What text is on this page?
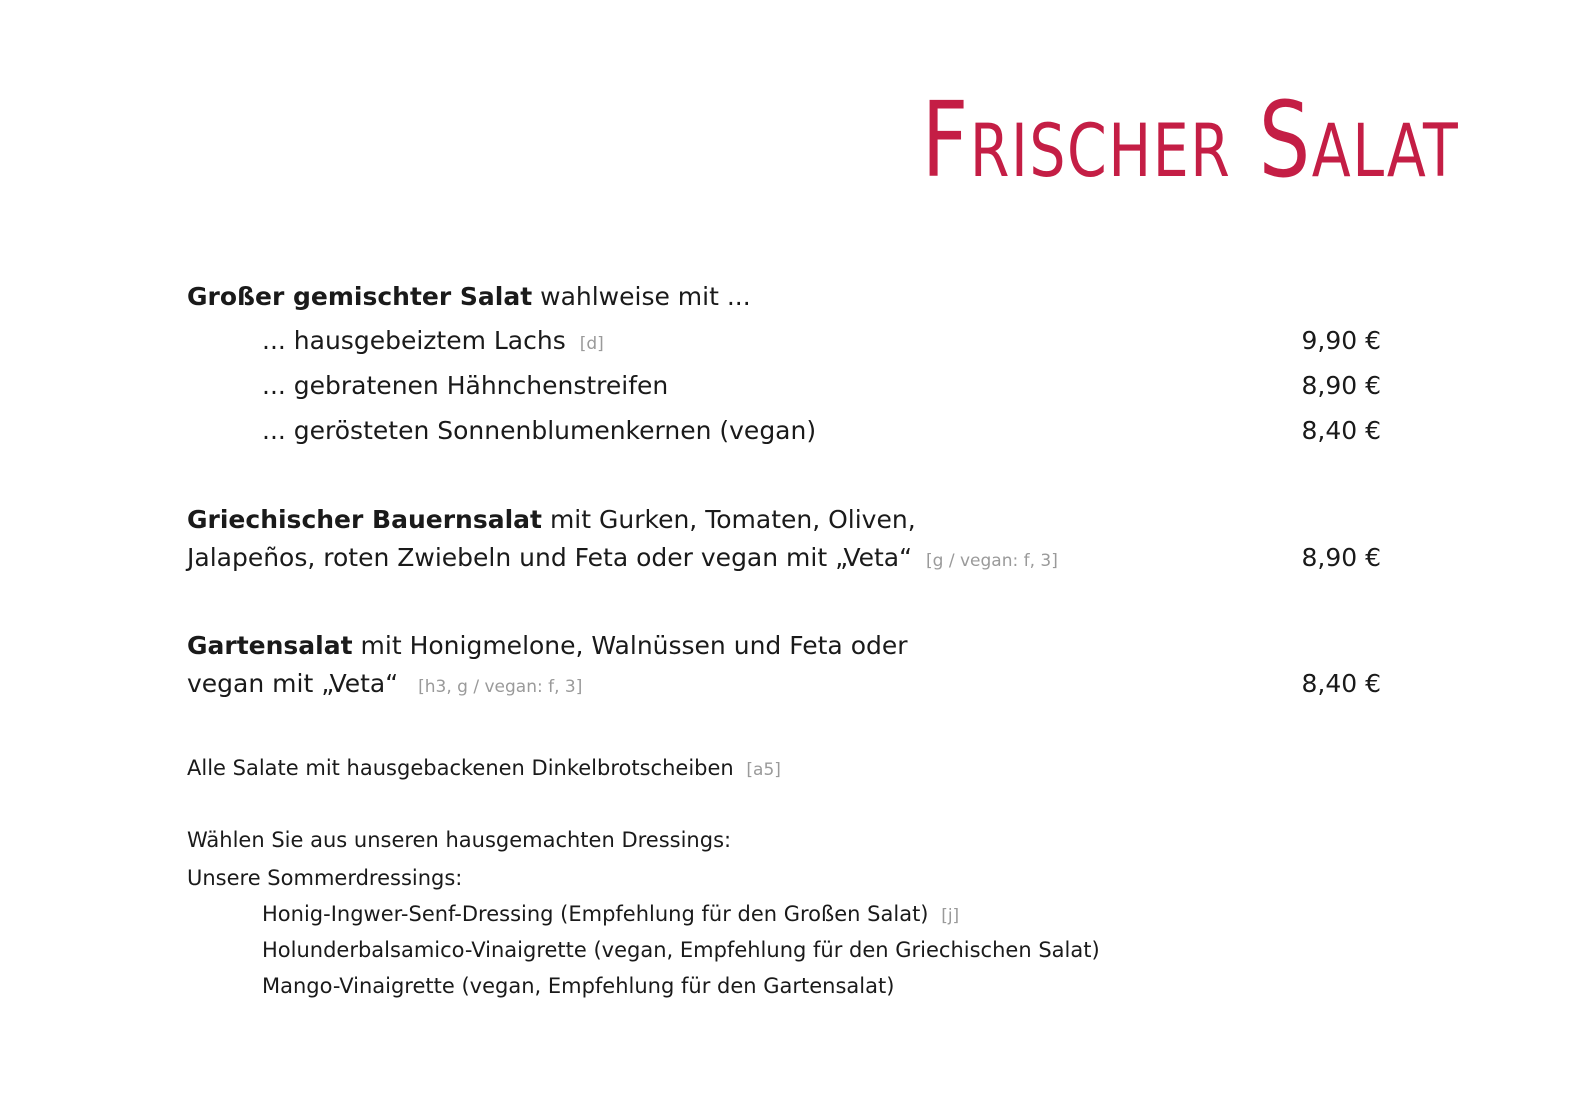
Frischer Salat
Großer gemischter Salat wahlweise mit ...
... hausgebeiztem Lachs [d]	9,90 €
... gebratenen Hähnchenstreifen	8,90 €
... gerösteten Sonnenblumenkernen (vegan)	8,40 €
Griechischer Bauernsalat mit Gurken, Tomaten, Oliven,
Jalapeños, roten Zwiebeln und Feta oder vegan mit „Veta“ [g / vegan: f, 3]	8,90 €
Gartensalat mit Honigmelone, Walnüssen und Feta oder
vegan mit „Veta“ [h3, g / vegan: f, 3]	8,40 €
Alle Salate mit hausgebackenen Dinkelbrotscheiben [a5]
Wählen Sie aus unseren hausgemachten Dressings:
Unsere Sommerdressings:
Honig-Ingwer-Senf-Dressing (Empfehlung für den Großen Salat) [j]
Holunderbalsamico-Vinaigrette (vegan, Empfehlung für den Griechischen Salat)
Mango-Vinaigrette (vegan, Empfehlung für den Gartensalat)
